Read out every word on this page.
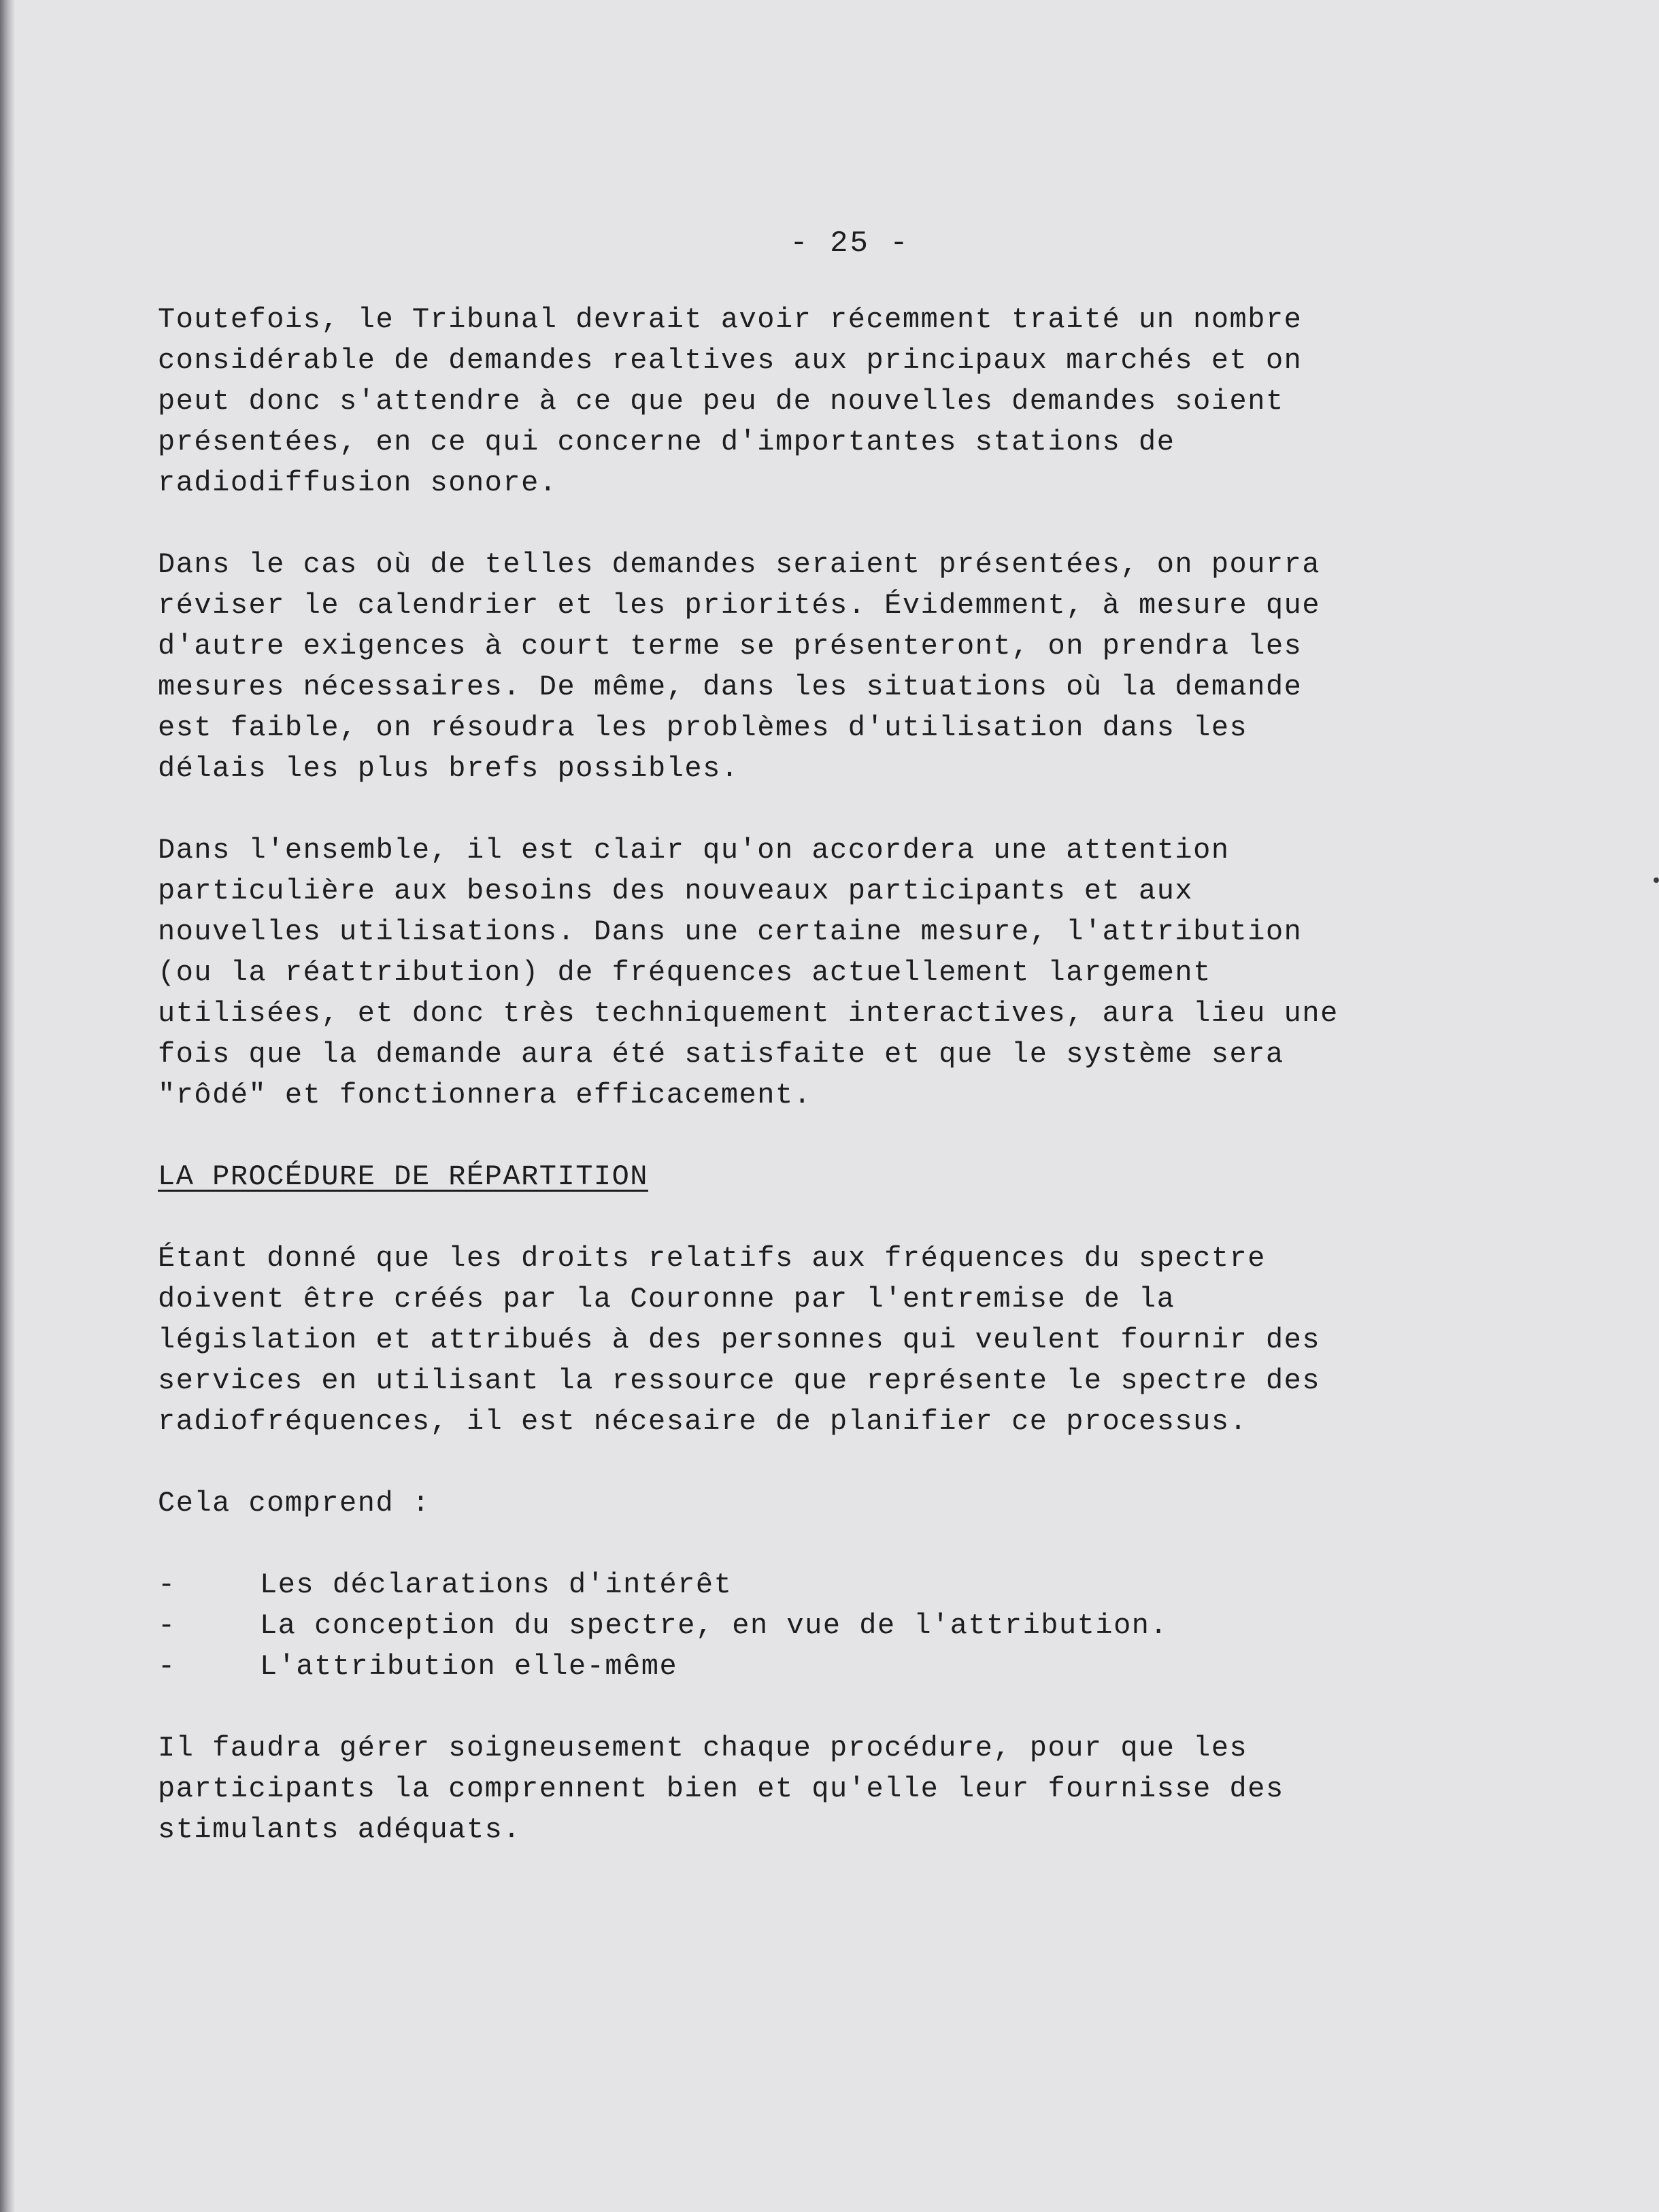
- 25 -

Toutefois, le Tribunal devrait avoir récemment traité un nombre
considérable de demandes realtives aux principaux marchés et on
peut donc s'attendre à ce que peu de nouvelles demandes soient
présentées, en ce qui concerne d'importantes stations de
radiodiffusion sonore.

Dans le cas où de telles demandes seraient présentées, on pourra
réviser le calendrier et les priorités. Évidemment, à mesure que
d'autre exigences à court terme se présenteront, on prendra les
mesures nécessaires. De même, dans les situations où la demande
est faible, on résoudra les problèmes d'utilisation dans les
délais les plus brefs possibles.

Dans l'ensemble, il est clair qu'on accordera une attention
particulière aux besoins des nouveaux participants et aux
nouvelles utilisations. Dans une certaine mesure, l'attribution
(ou la réattribution) de fréquences actuellement largement
utilisées, et donc très techniquement interactives, aura lieu une
fois que la demande aura été satisfaite et que le système sera
"rôdé" et fonctionnera efficacement.

LA PROCÉDURE DE RÉPARTITION

Étant donné que les droits relatifs aux fréquences du spectre
doivent être créés par la Couronne par l'entremise de la
législation et attribués à des personnes qui veulent fournir des
services en utilisant la ressource que représente le spectre des
radiofréquences, il est nécesaire de planifier ce processus.

Cela comprend :

-	Les déclarations d'intérêt
-	La conception du spectre, en vue de l'attribution.
-	L'attribution elle-même

Il faudra gérer soigneusement chaque procédure, pour que les
participants la comprennent bien et qu'elle leur fournisse des
stimulants adéquats.
